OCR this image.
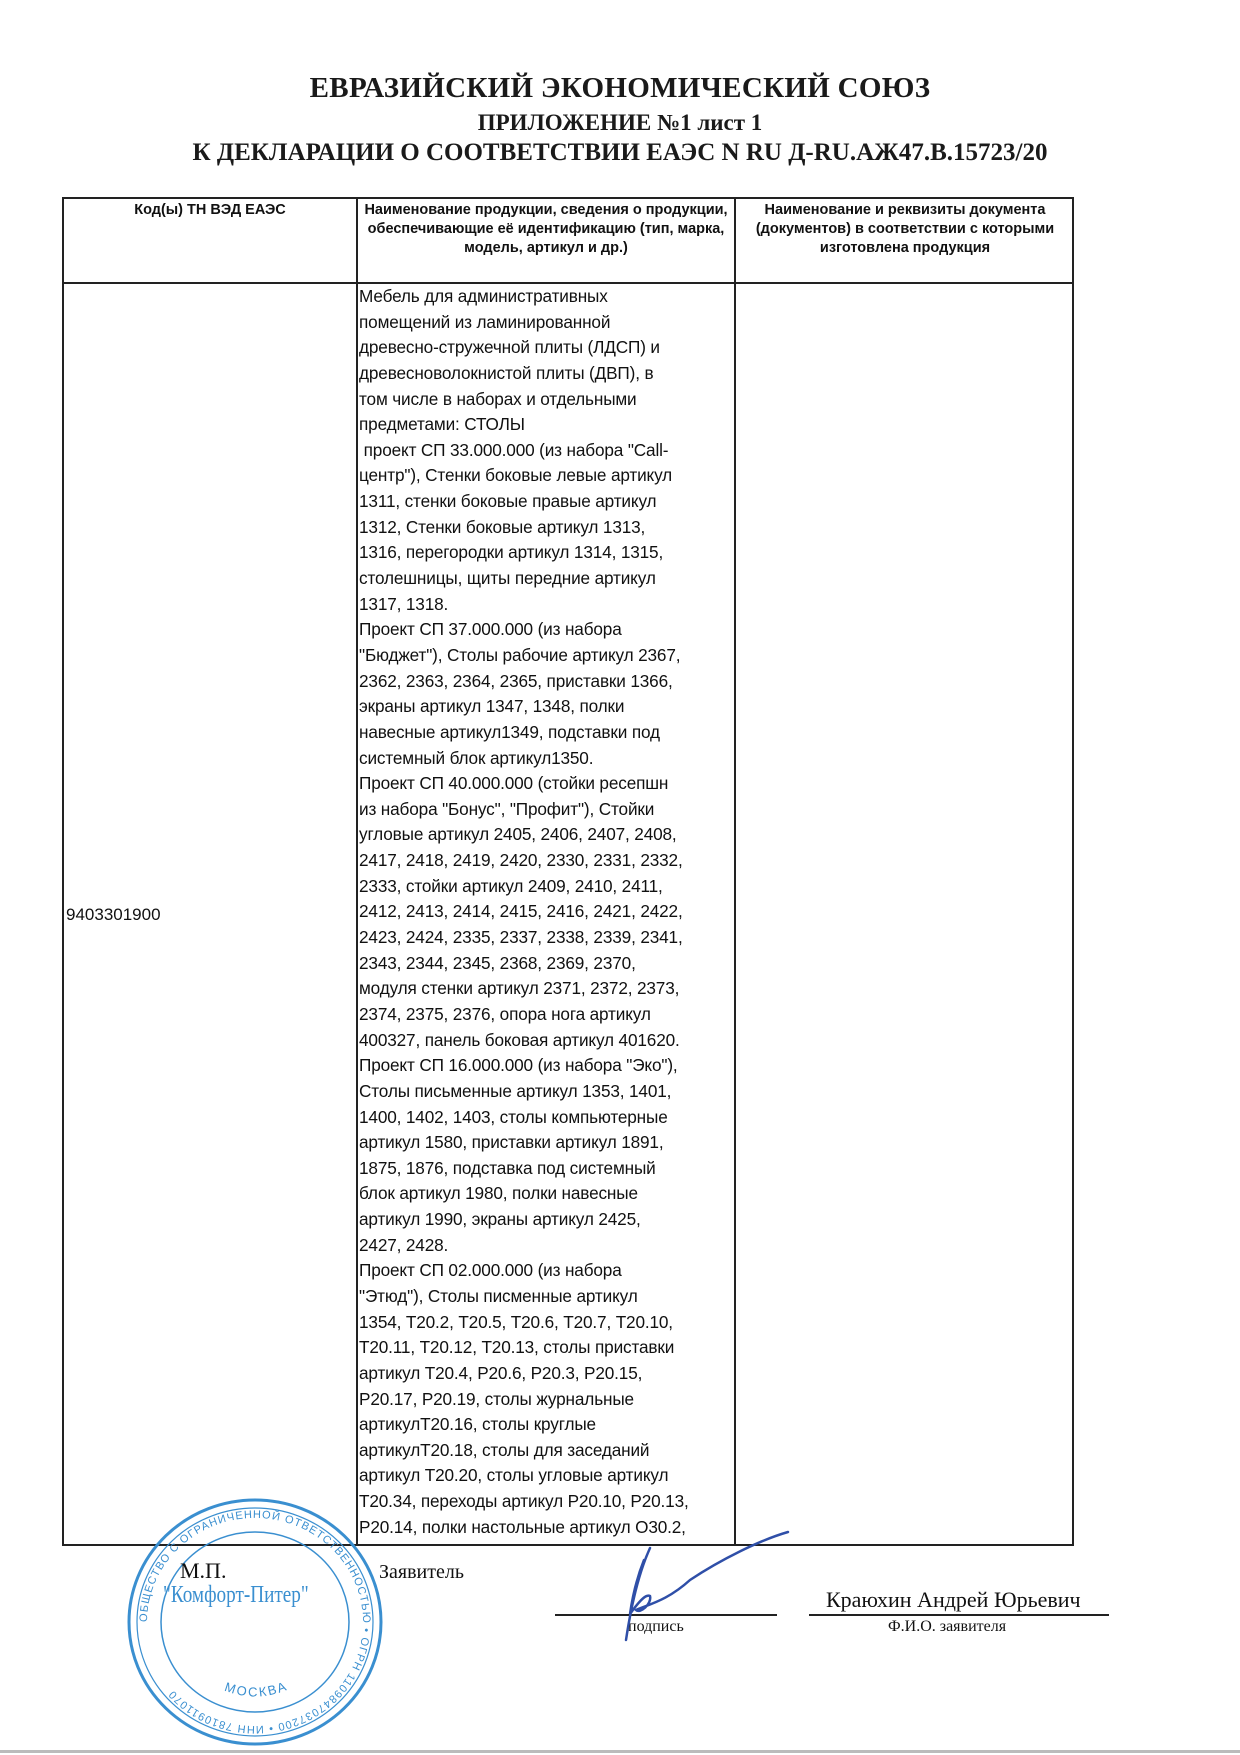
ЕВРАЗИЙСКИЙ ЭКОНОМИЧЕСКИЙ СОЮЗ
ПРИЛОЖЕНИЕ №1 лист 1
К ДЕКЛАРАЦИИ О СООТВЕТСТВИИ ЕАЭС N RU Д-RU.АЖ47.В.15723/20
Код(ы) ТН ВЭД ЕАЭС	Наименование продукции, сведения о продукции, обеспечивающие её идентификацию (тип, марка, модель, артикул и др.)
Наименование и реквизиты документа (документов) в соответствии с которыми изготовлена продукция
9403301900
Мебель для административных
помещений из ламинированной
древесно-стружечной плиты (ЛДСП) и
древесноволокнистой плиты (ДВП), в
том числе в наборах и отдельными
предметами: СТОЛЫ
проект СП 33.000.000 (из набора "Call-
центр"), Стенки боковые левые артикул
1311, стенки боковые правые артикул
1312, Стенки боковые артикул 1313,
1316, перегородки артикул 1314, 1315,
столешницы, щиты передние артикул
1317, 1318.
Проект СП 37.000.000 (из набора
"Бюджет"), Столы рабочие артикул 2367,
2362, 2363, 2364, 2365, приставки 1366,
экраны артикул 1347, 1348, полки
навесные артикул1349, подставки под
системный блок артикул1350.
Проект СП 40.000.000 (стойки ресепшн
из набора "Бонус", "Профит"), Стойки
угловые артикул 2405, 2406, 2407, 2408,
2417, 2418, 2419, 2420, 2330, 2331, 2332,
2333, стойки артикул 2409, 2410, 2411,
2412, 2413, 2414, 2415, 2416, 2421, 2422,
2423, 2424, 2335, 2337, 2338, 2339, 2341,
2343, 2344, 2345, 2368, 2369, 2370,
модуля стенки артикул 2371, 2372, 2373,
2374, 2375, 2376, опора нога артикул
400327, панель боковая артикул 401620.
Проект СП 16.000.000 (из набора "Эко"),
Столы письменные артикул 1353, 1401,
1400, 1402, 1403, столы компьютерные
артикул 1580, приставки артикул 1891,
1875, 1876, подставка под системный
блок артикул 1980, полки навесные
артикул 1990, экраны артикул 2425,
2427, 2428.
Проект СП 02.000.000 (из набора
"Этюд"), Столы писменные артикул
1354, Т20.2, Т20.5, Т20.6, Т20.7, Т20.10,
Т20.11, Т20.12, Т20.13, столы приставки
артикул Т20.4, Р20.6, Р20.3, Р20.15,
Р20.17, Р20.19, столы журнальные
артикулТ20.16, столы круглые
артикулТ20.18, столы для заседаний
артикул Т20.20, столы угловые артикул
Т20.34, переходы артикул Р20.10, Р20.13,
Р20.14, полки настольные артикул О30.2,
ОБЩЕСТВО С ОГРАНИЧЕННОЙ ОТВЕТСТВЕННОСТЬЮ • ОГРН 1109847037200 • ИНН 7810911070	МОСКВА
М.П.
"Комфорт-Питер"
Заявитель
подпись
Краюхин Андрей Юрьевич
Ф.И.О. заявителя
